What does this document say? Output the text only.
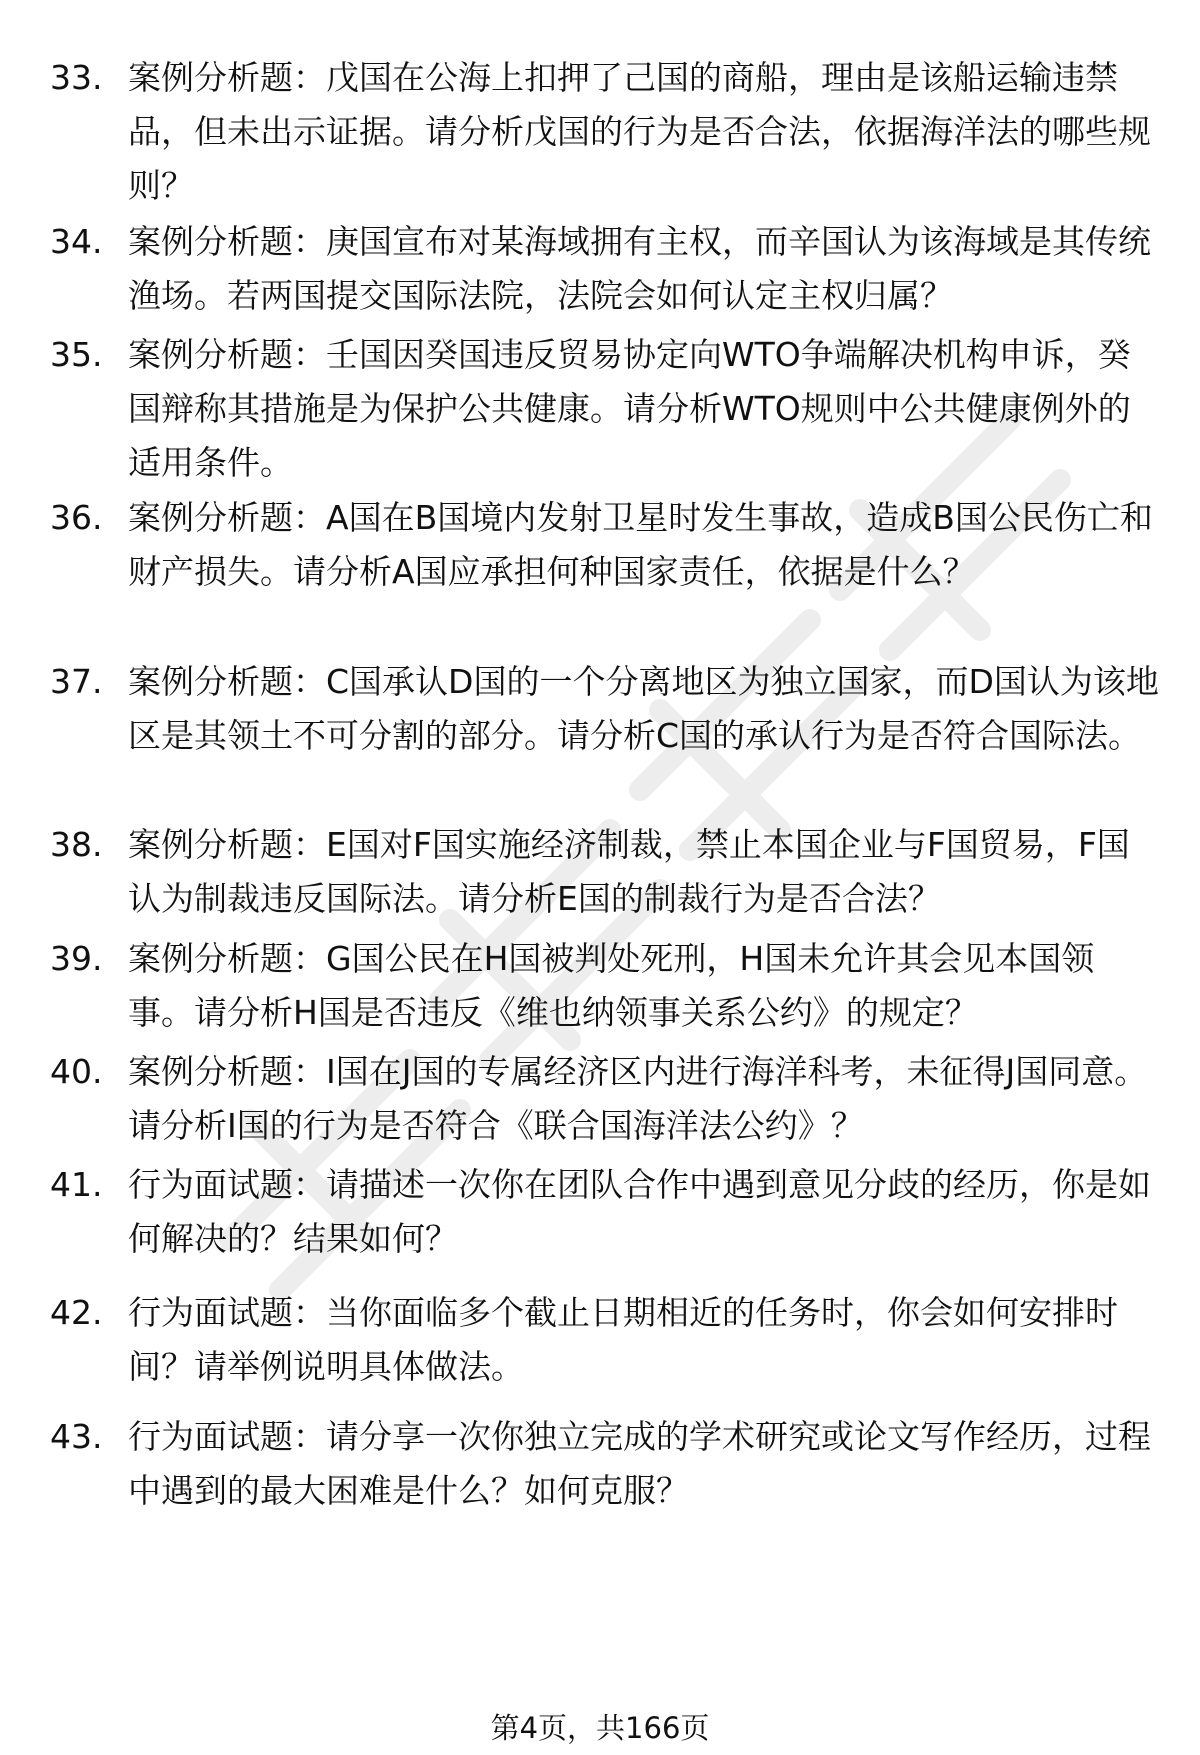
33. 案例分析题：戊国在公海上扣押了己国的商船，理由是该船运输违禁品，但未出示证据。请分析戊国的行为是否合法，依据海洋法的哪些规则？
34. 案例分析题：庚国宣布对某海域拥有主权，而辛国认为该海域是其传统渔场。若两国提交国际法院，法院会如何认定主权归属？
35. 案例分析题：壬国因癸国违反贸易协定向WTO争端解决机构申诉，癸国辩称其措施是为保护公共健康。请分析WTO规则中公共健康例外的适用条件。
36. 案例分析题：A国在B国境内发射卫星时发生事故，造成B国公民伤亡和财产损失。请分析A国应承担何种国家责任，依据是什么？
37. 案例分析题：C国承认D国的一个分离地区为独立国家，而D国认为该地区是其领土不可分割的部分。请分析C国的承认行为是否符合国际法。
38. 案例分析题：E国对F国实施经济制裁，禁止本国企业与F国贸易，F国认为制裁违反国际法。请分析E国的制裁行为是否合法？
39. 案例分析题：G国公民在H国被判处死刑，H国未允许其会见本国领事。请分析H国是否违反《维也纳领事关系公约》的规定？
40. 案例分析题：I国在J国的专属经济区内进行海洋科考，未征得J国同意。请分析I国的行为是否符合《联合国海洋法公约》？
41. 行为面试题：请描述一次你在团队合作中遇到意见分歧的经历，你是如何解决的？结果如何？
42. 行为面试题：当你面临多个截止日期相近的任务时，你会如何安排时间？请举例说明具体做法。
43. 行为面试题：请分享一次你独立完成的学术研究或论文写作经历，过程中遇到的最大困难是什么？如何克服？
第4页，共166页
